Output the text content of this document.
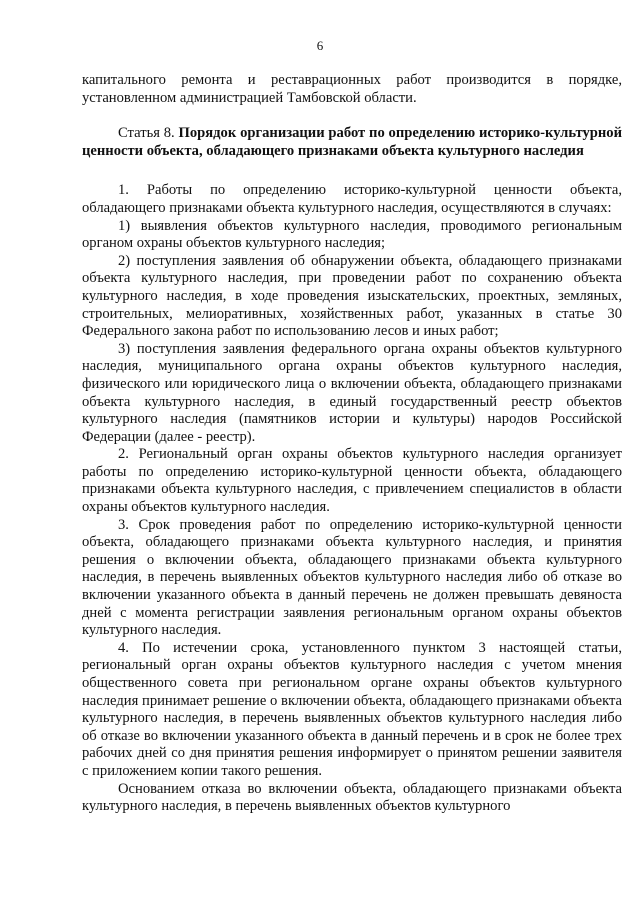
6

капитального ремонта и реставрационных работ производится в порядке, установленном администрацией Тамбовской области.

Статья 8. Порядок организации работ по определению историко-культурной ценности объекта, обладающего признаками объекта культурного наследия

1. Работы по определению историко-культурной ценности объекта, обладающего признаками объекта культурного наследия, осуществляются в случаях:

1) выявления объектов культурного наследия, проводимого региональным органом охраны объектов культурного наследия;

2) поступления заявления об обнаружении объекта, обладающего признаками объекта культурного наследия, при проведении работ по сохранению объекта культурного наследия, в ходе проведения изыскательских, проектных, земляных, строительных, мелиоративных, хозяйственных работ, указанных в статье 30 Федерального закона работ по использованию лесов и иных работ;

3) поступления заявления федерального органа охраны объектов культурного наследия, муниципального органа охраны объектов культурного наследия, физического или юридического лица о включении объекта, обладающего признаками объекта культурного наследия, в единый государственный реестр объектов культурного наследия (памятников истории и культуры) народов Российской Федерации (далее - реестр).

2. Региональный орган охраны объектов культурного наследия организует работы по определению историко-культурной ценности объекта, обладающего признаками объекта культурного наследия, с привлечением специалистов в области охраны объектов культурного наследия.

3. Срок проведения работ по определению историко-культурной ценности объекта, обладающего признаками объекта культурного наследия, и принятия решения о включении объекта, обладающего признаками объекта культурного наследия, в перечень выявленных объектов культурного наследия либо об отказе во включении указанного объекта в данный перечень не должен превышать девяноста дней с момента регистрации заявления региональным органом охраны объектов культурного наследия.

4. По истечении срока, установленного пунктом 3 настоящей статьи, региональный орган охраны объектов культурного наследия с учетом мнения общественного совета при региональном органе охраны объектов культурного наследия принимает решение о включении объекта, обладающего признаками объекта культурного наследия, в перечень выявленных объектов культурного наследия либо об отказе во включении указанного объекта в данный перечень и в срок не более трех рабочих дней со дня принятия решения информирует о принятом решении заявителя с приложением копии такого решения.

Основанием отказа во включении объекта, обладающего признаками объекта культурного наследия, в перечень выявленных объектов культурного
